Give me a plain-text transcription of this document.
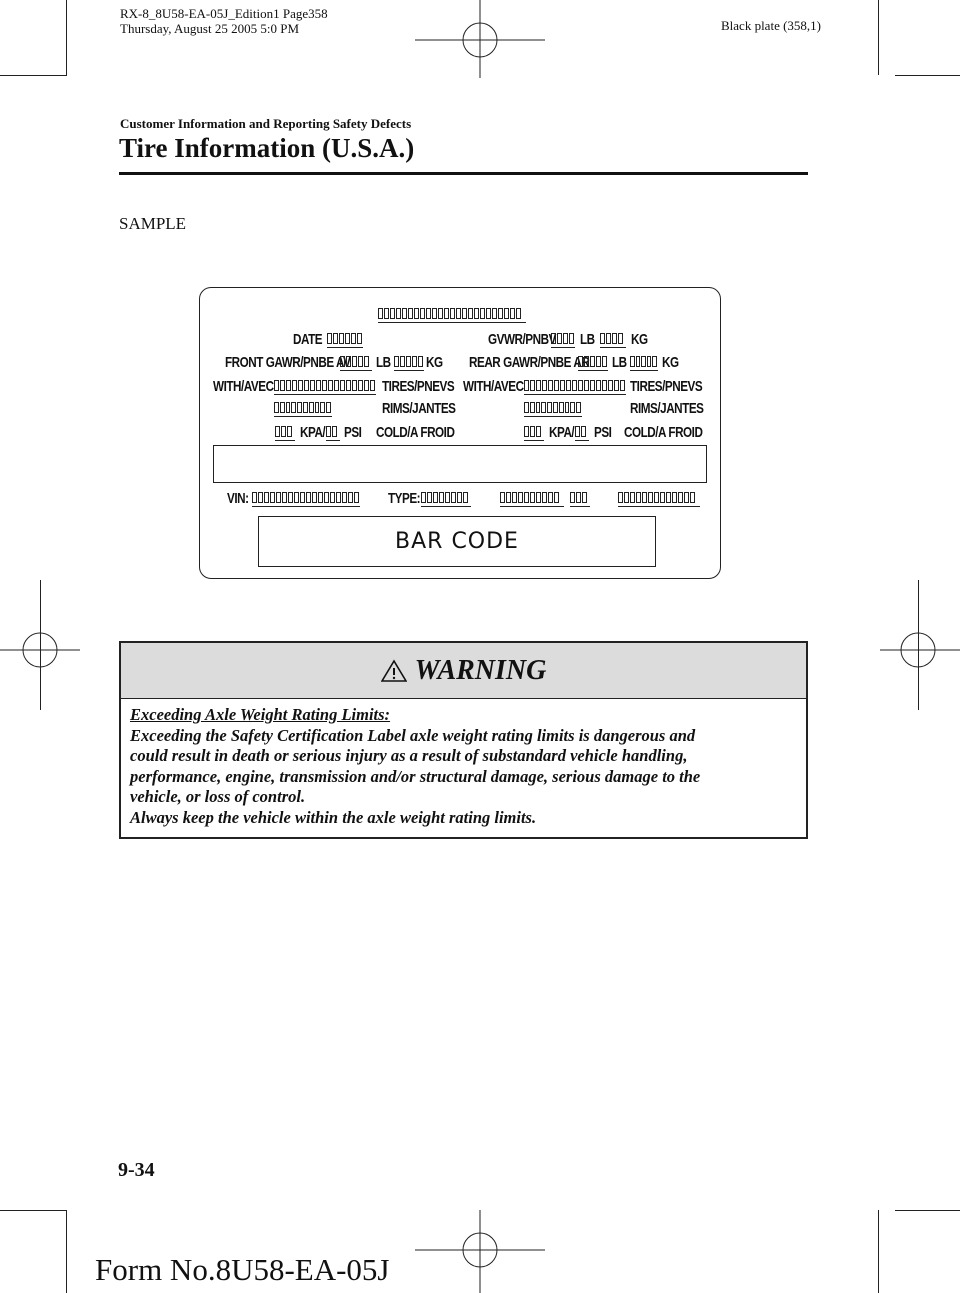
RX-8_8U58-EA-05J_Edition1 Page358
Thursday, August 25 2005 5:0 PM	Black plate (358,1)
Customer Information and Reporting Safety Defects
Tire Information (U.S.A.)
SAMPLE
DATE	GVWR/PNBV LB KG
FRONT GAWR/PNBE AV LB KG REAR GAWR/PNBE AR LB KG
WITH/AVEC	TIRES/PNEVS WITH/AVEC	TIRES/PNEVS
RIMS/JANTES	RIMS/JANTES
KPA/ PSI COLD/A FROID	KPA/ PSI COLD/A FROID
VIN:	TYPE:
BAR CODE
WARNING
Exceeding Axle Weight Rating Limits:
Exceeding the Safety Certification Label axle weight rating limits is dangerous and
could result in death or serious injury as a result of substandard vehicle handling,
performance, engine, transmission and/or structural damage, serious damage to the
vehicle, or loss of control.
Always keep the vehicle within the axle weight rating limits.
9-34
Form No.8U58-EA-05J
